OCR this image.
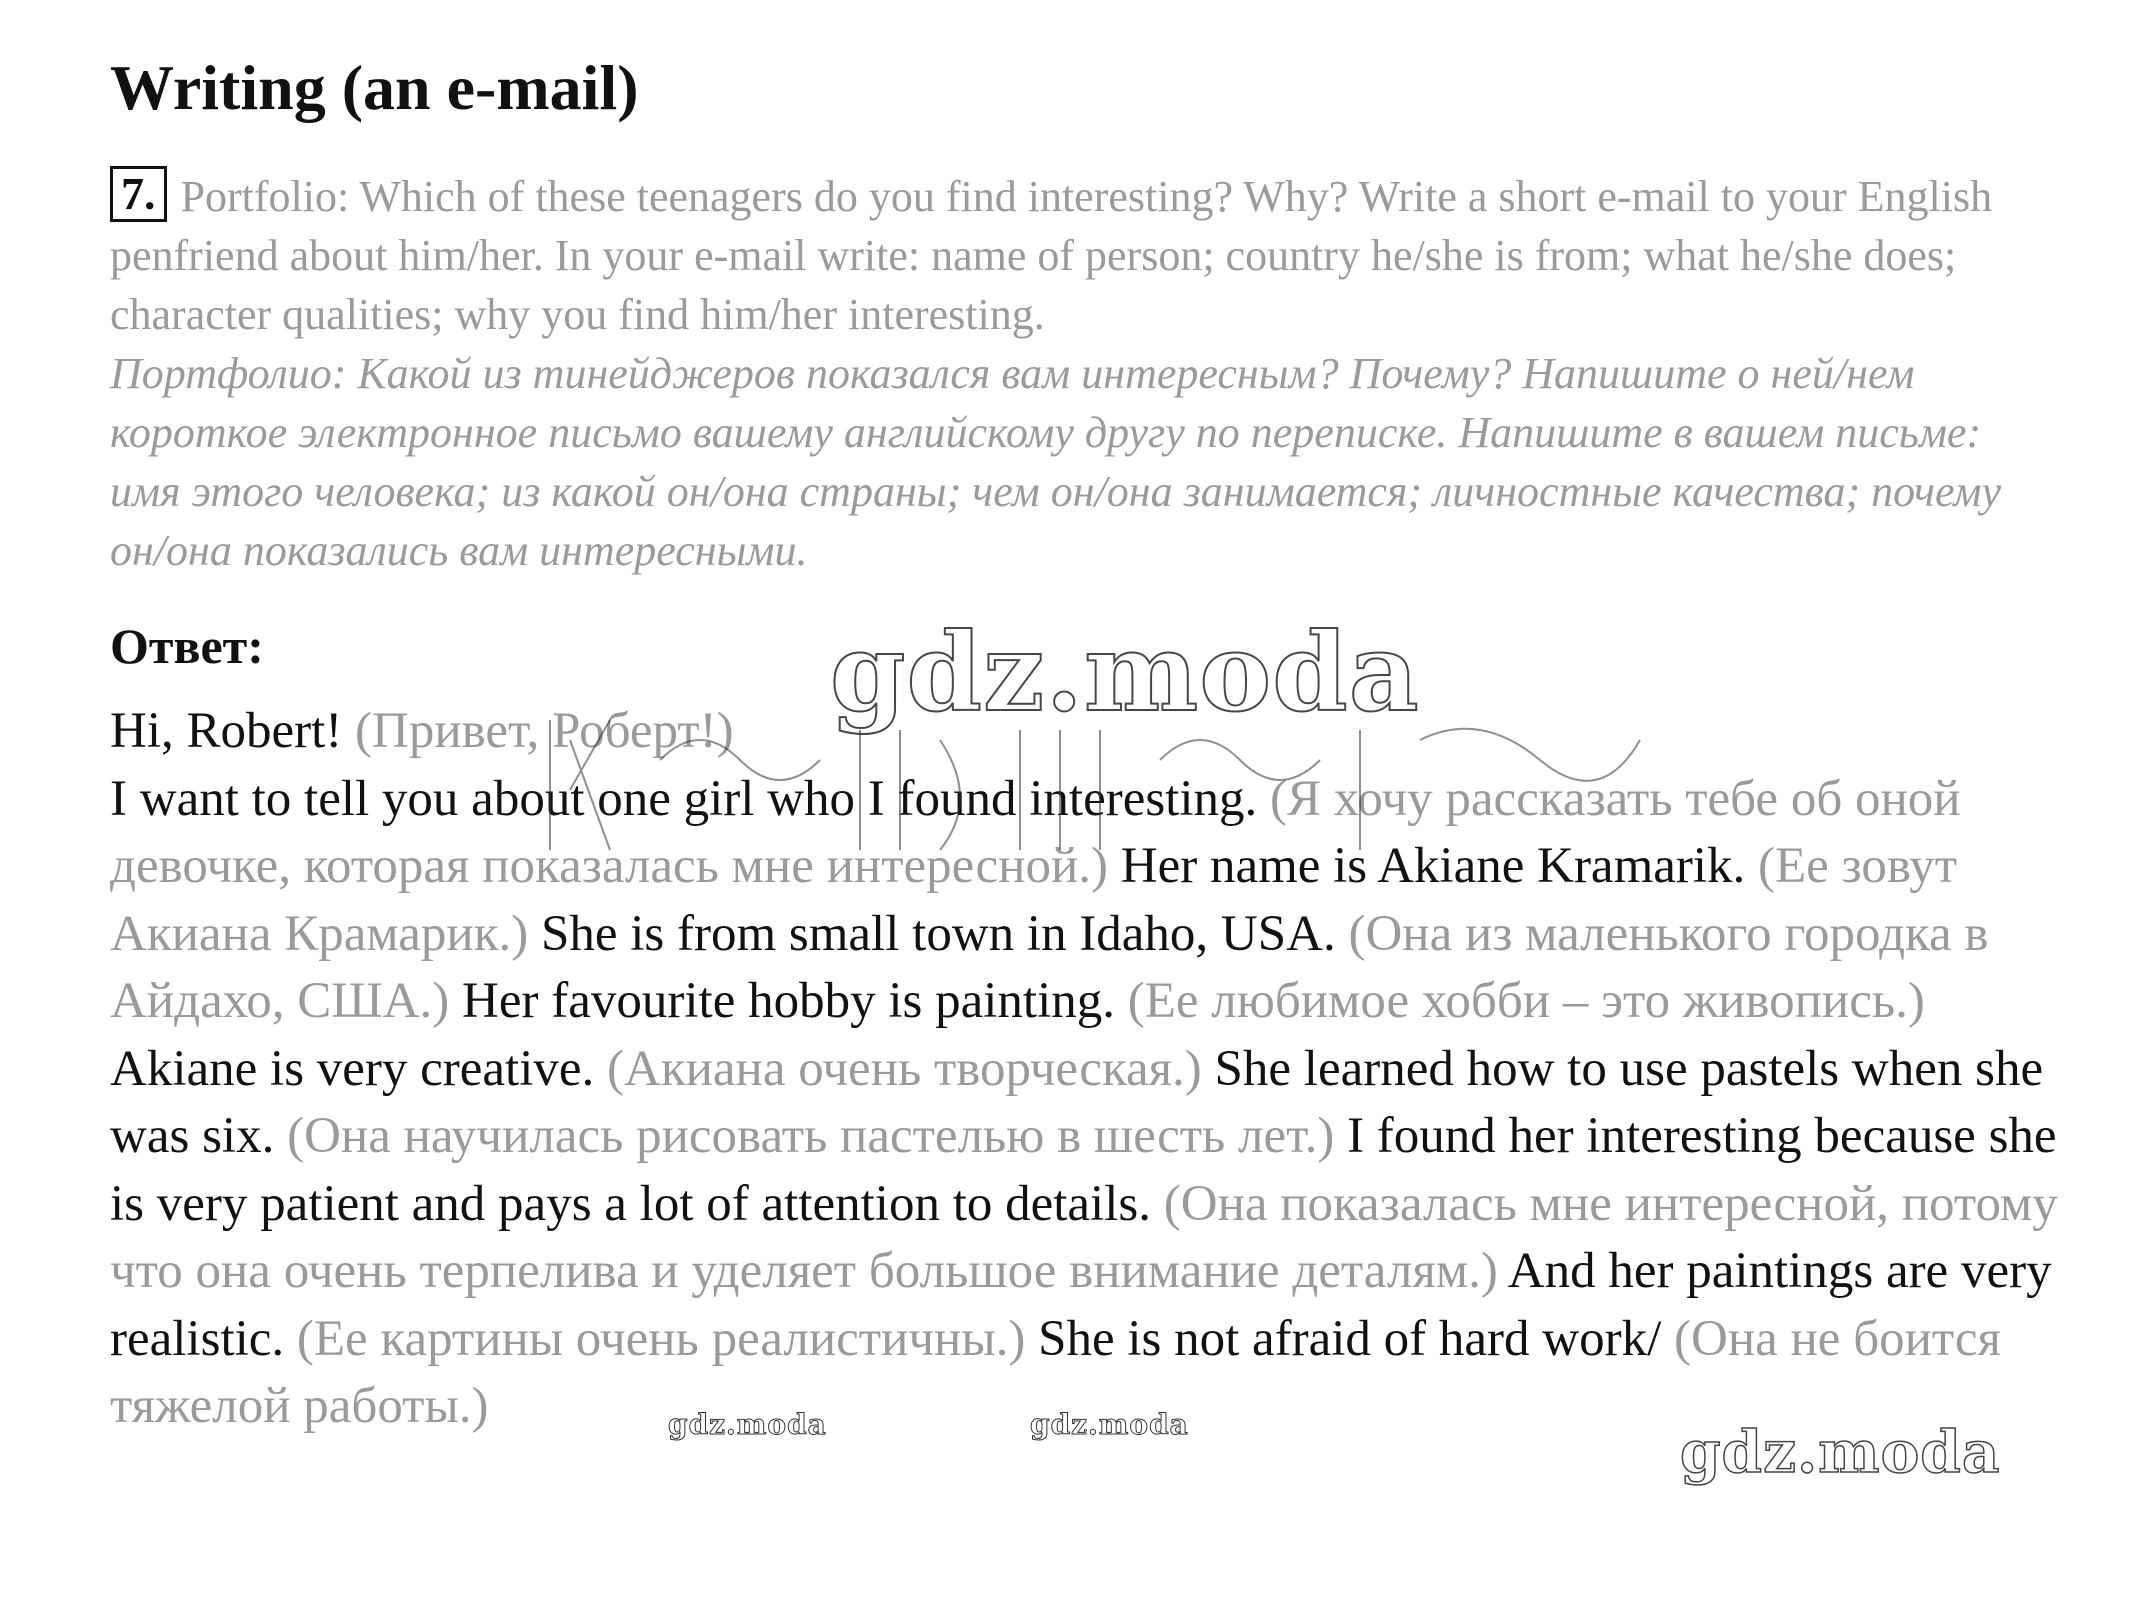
Writing (an e-mail)
7. Portfolio: Which of these teenagers do you find interesting? Why? Write a short e-mail to your English penfriend about him/her. In your e-mail write: name of person; country he/she is from; what he/she does; character qualities; why you find him/her interesting.
Портфолио: Какой из тинейджеров показался вам интересным? Почему? Напишите о ней/нем короткое электронное письмо вашему английскому другу по переписке. Напишите в вашем письме: имя этого человека; из какой он/она страны; чем он/она занимается; личностные качества; почему он/она показались вам интересными.
Ответ:
Hi, Robert! (Привет, Роберт!)
I want to tell you about one girl who I found interesting. (Я хочу рассказать тебе об оной девочке, которая показалась мне интересной.) Her name is Akiane Kramarik. (Ее зовут Акиана Крамарик.) She is from small town in Idaho, USA. (Она из маленького городка в Айдахо, США.) Her favourite hobby is painting. (Ее любимое хобби – это живопись.) Akiane is very creative. (Акиана очень творческая.) She learned how to use pastels when she was six. (Она научилась рисовать пастелью в шесть лет.) I found her interesting because she is very patient and pays a lot of attention to details. (Она показалась мне интересной, потому что она очень терпелива и уделяет большое внимание деталям.) And her paintings are very realistic. (Ее картины очень реалистичны.) She is not afraid of hard work/ (Она не боится тяжелой работы.)
gdz.moda
gdz.moda	gdz.moda	gdz.moda
